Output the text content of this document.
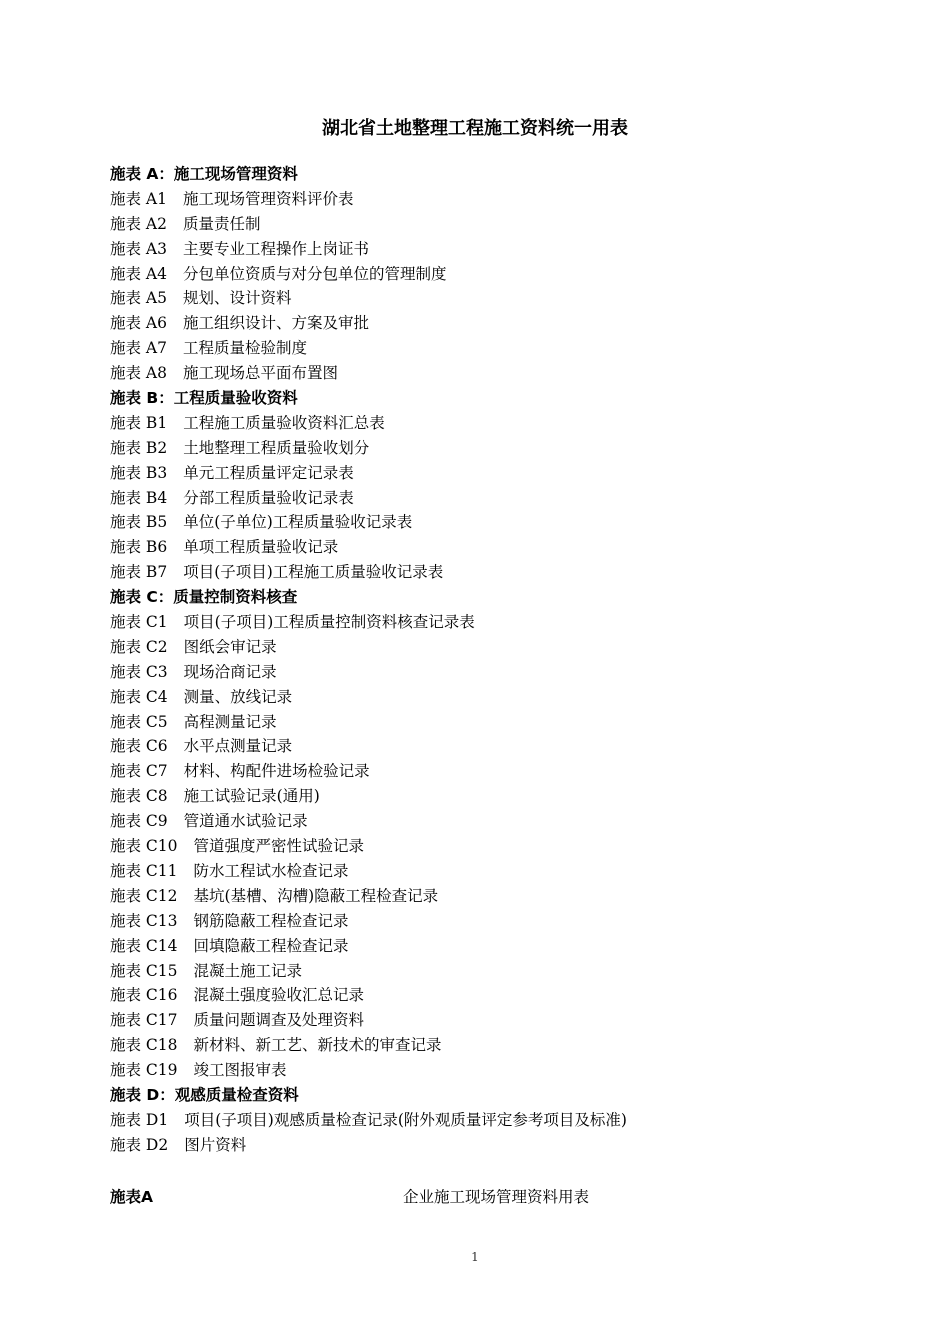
湖北省土地整理工程施工资料统一用表
施表 A：施工现场管理资料
施表 A1 施工现场管理资料评价表
施表 A2 质量责任制
施表 A3 主要专业工程操作上岗证书
施表 A4 分包单位资质与对分包单位的管理制度
施表 A5 规划、设计资料
施表 A6 施工组织设计、方案及审批
施表 A7 工程质量检验制度
施表 A8 施工现场总平面布置图
施表 B：工程质量验收资料
施表 B1 工程施工质量验收资料汇总表
施表 B2 土地整理工程质量验收划分
施表 B3 单元工程质量评定记录表
施表 B4 分部工程质量验收记录表
施表 B5 单位(子单位)工程质量验收记录表
施表 B6 单项工程质量验收记录
施表 B7 项目(子项目)工程施工质量验收记录表
施表 C：质量控制资料核查
施表 C1 项目(子项目)工程质量控制资料核查记录表
施表 C2 图纸会审记录
施表 C3 现场洽商记录
施表 C4 测量、放线记录
施表 C5 高程测量记录
施表 C6 水平点测量记录
施表 C7 材料、构配件进场检验记录
施表 C8 施工试验记录(通用)
施表 C9 管道通水试验记录
施表 C10 管道强度严密性试验记录
施表 C11 防水工程试水检查记录
施表 C12 基坑(基槽、沟槽)隐蔽工程检查记录
施表 C13 钢筋隐蔽工程检查记录
施表 C14 回填隐蔽工程检查记录
施表 C15 混凝土施工记录
施表 C16 混凝土强度验收汇总记录
施表 C17 质量问题调查及处理资料
施表 C18 新材料、新工艺、新技术的审查记录
施表 C19 竣工图报审表
施表 D：观感质量检查资料
施表 D1 项目(子项目)观感质量检查记录(附外观质量评定参考项目及标准)
施表 D2 图片资料
施表A	企业施工现场管理资料用表
1
